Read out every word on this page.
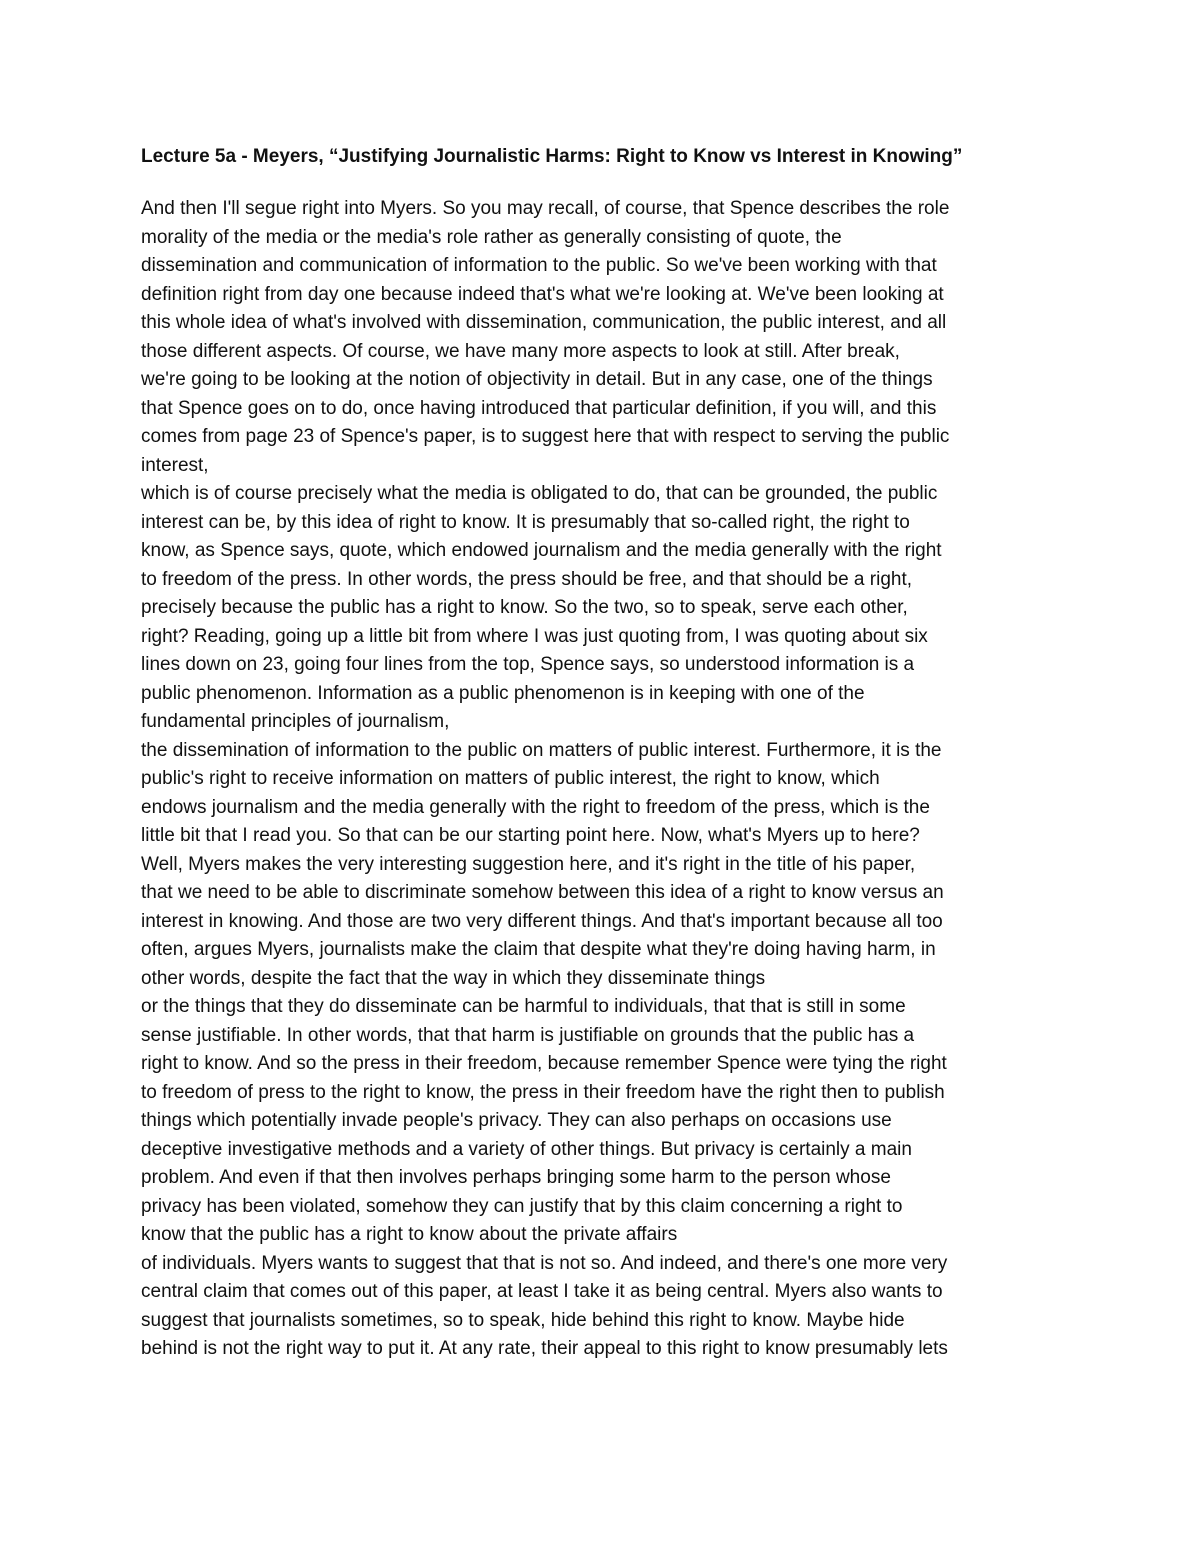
Lecture 5a - Meyers, “Justifying Journalistic Harms: Right to Know vs Interest in Knowing”

And then I'll segue right into Myers. So you may recall, of course, that Spence describes the role
morality of the media or the media's role rather as generally consisting of quote, the
dissemination and communication of information to the public. So we've been working with that
definition right from day one because indeed that's what we're looking at. We've been looking at
this whole idea of what's involved with dissemination, communication, the public interest, and all
those different aspects. Of course, we have many more aspects to look at still. After break,
we're going to be looking at the notion of objectivity in detail. But in any case, one of the things
that Spence goes on to do, once having introduced that particular definition, if you will, and this
comes from page 23 of Spence's paper, is to suggest here that with respect to serving the public
interest,

which is of course precisely what the media is obligated to do, that can be grounded, the public
interest can be, by this idea of right to know. It is presumably that so-called right, the right to
know, as Spence says, quote, which endowed journalism and the media generally with the right
to freedom of the press. In other words, the press should be free, and that should be a right,
precisely because the public has a right to know. So the two, so to speak, serve each other,
right? Reading, going up a little bit from where I was just quoting from, I was quoting about six
lines down on 23, going four lines from the top, Spence says, so understood information is a
public phenomenon. Information as a public phenomenon is in keeping with one of the
fundamental principles of journalism,

the dissemination of information to the public on matters of public interest. Furthermore, it is the
public's right to receive information on matters of public interest, the right to know, which
endows journalism and the media generally with the right to freedom of the press, which is the
little bit that I read you. So that can be our starting point here. Now, what's Myers up to here?
Well, Myers makes the very interesting suggestion here, and it's right in the title of his paper,
that we need to be able to discriminate somehow between this idea of a right to know versus an
interest in knowing. And those are two very different things. And that's important because all too
often, argues Myers, journalists make the claim that despite what they're doing having harm, in
other words, despite the fact that the way in which they disseminate things

or the things that they do disseminate can be harmful to individuals, that that is still in some
sense justifiable. In other words, that that harm is justifiable on grounds that the public has a
right to know. And so the press in their freedom, because remember Spence were tying the right
to freedom of press to the right to know, the press in their freedom have the right then to publish
things which potentially invade people's privacy. They can also perhaps on occasions use
deceptive investigative methods and a variety of other things. But privacy is certainly a main
problem. And even if that then involves perhaps bringing some harm to the person whose
privacy has been violated, somehow they can justify that by this claim concerning a right to
know that the public has a right to know about the private affairs

of individuals. Myers wants to suggest that that is not so. And indeed, and there's one more very
central claim that comes out of this paper, at least I take it as being central. Myers also wants to
suggest that journalists sometimes, so to speak, hide behind this right to know. Maybe hide
behind is not the right way to put it. At any rate, their appeal to this right to know presumably lets
